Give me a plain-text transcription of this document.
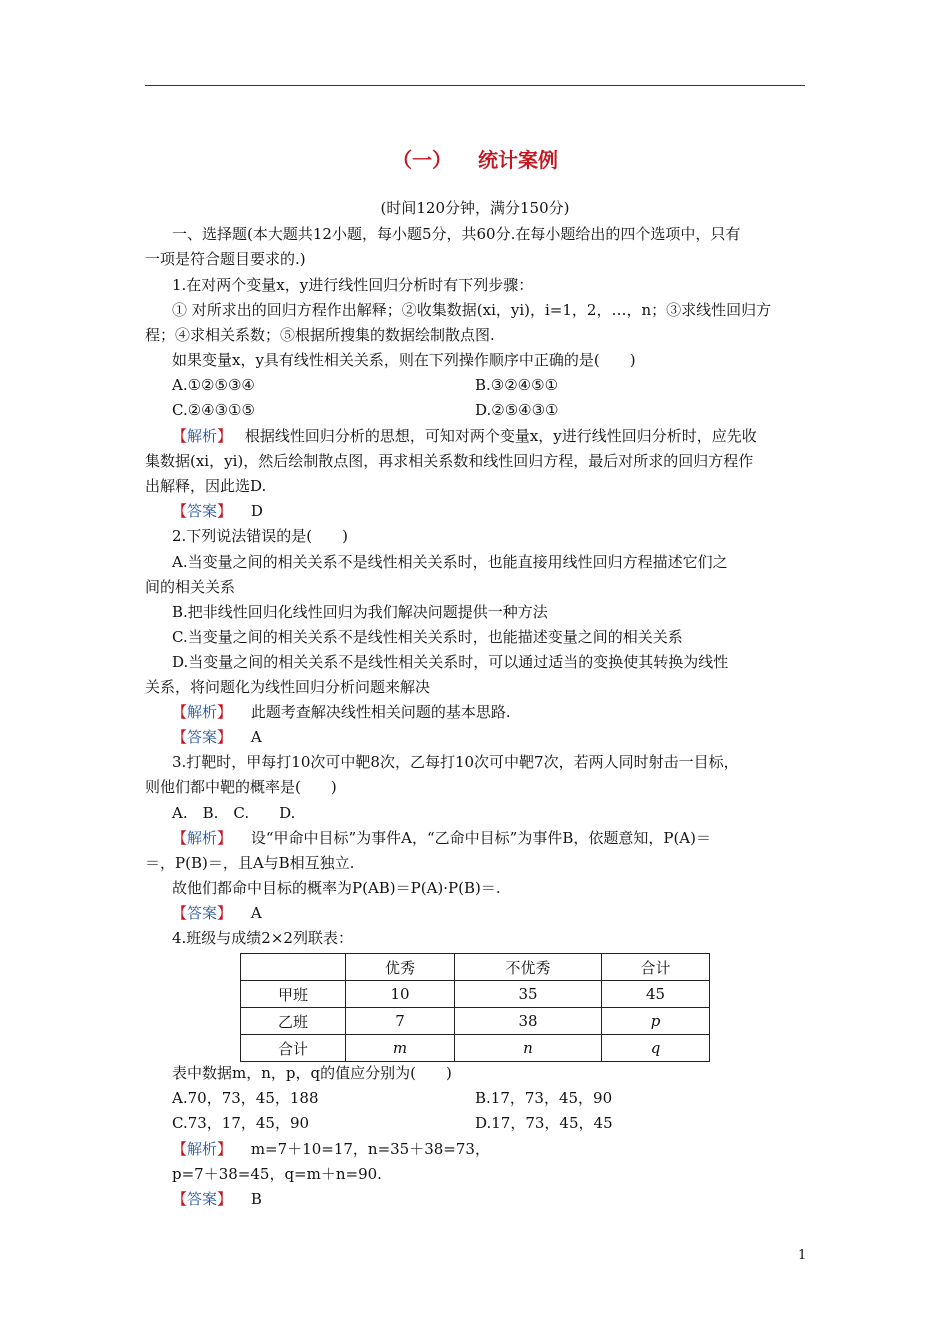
（一） 统计案例
(时间120分钟，满分150分)
一、选择题(本大题共12小题，每小题5分，共60分.在每小题给出的四个选项中，只有
一项是符合题目要求的.)
1.在对两个变量x，y进行线性回归分析时有下列步骤：
① 对所求出的回归方程作出解释；②收集数据(xi，yi)，i=1，2，…，n；③求线性回归方
程；④求相关系数；⑤根据所搜集的数据绘制散点图.
如果变量x，y具有线性相关关系，则在下列操作顺序中正确的是(　　)
A.①②⑤③④	B.③②④⑤①
C.②④③①⑤	D.②⑤④③①
【解析】 根据线性回归分析的思想，可知对两个变量x，y进行线性回归分析时，应先收
集数据(xi，yi)，然后绘制散点图，再求相关系数和线性回归方程，最后对所求的回归方程作
出解释，因此选D.
【答案】 D
2.下列说法错误的是(　　)
A.当变量之间的相关关系不是线性相关关系时，也能直接用线性回归方程描述它们之
间的相关关系
B.把非线性回归化线性回归为我们解决问题提供一种方法
C.当变量之间的相关关系不是线性相关关系时，也能描述变量之间的相关关系
D.当变量之间的相关关系不是线性相关关系时，可以通过适当的变换使其转换为线性
关系，将问题化为线性回归分析问题来解决
【解析】 此题考查解决线性相关问题的基本思路.
【答案】 A
3.打靶时，甲每打10次可中靶8次，乙每打10次可中靶7次，若两人同时射击一目标，
则他们都中靶的概率是(　　)
A.　B.　C.　　D.
【解析】 设“甲命中目标”为事件A，“乙命中目标”为事件B，依题意知，P(A)＝
＝，P(B)＝，且A与B相互独立.
故他们都命中目标的概率为P(AB)＝P(A)·P(B)＝.
【答案】 A
4.班级与成绩2×2列联表：
	优秀	不优秀	合计
甲班	10	35	45
乙班	7	38	p
合计	m	n	q
表中数据m，n，p，q的值应分别为(　　)
A.70，73，45，188	B.17，73，45，90
C.73，17，45，90	D.17，73，45，45
【解析】 m=7＋10=17，n=35＋38=73，
p=7＋38=45，q=m＋n=90.
【答案】 B
1
